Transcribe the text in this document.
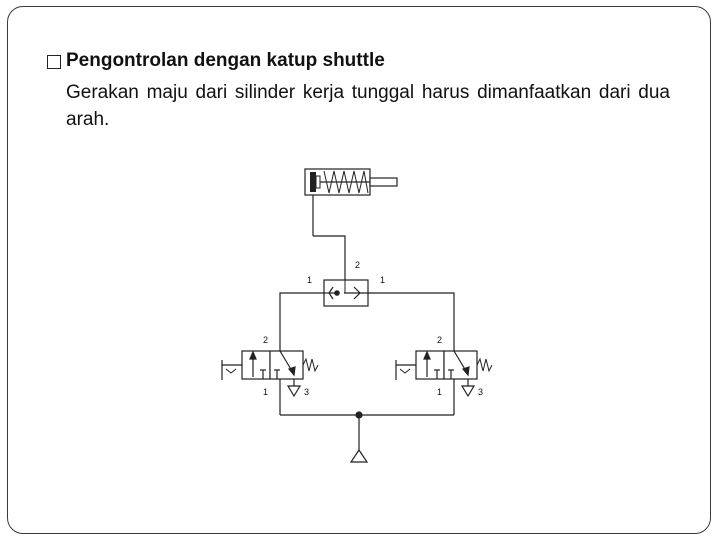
Pengontrolan dengan katup shuttle
Gerakan maju dari silinder kerja tunggal harus dimanfaatkan dari dua arah.
2
1	1
2
1	3
2
1	3
